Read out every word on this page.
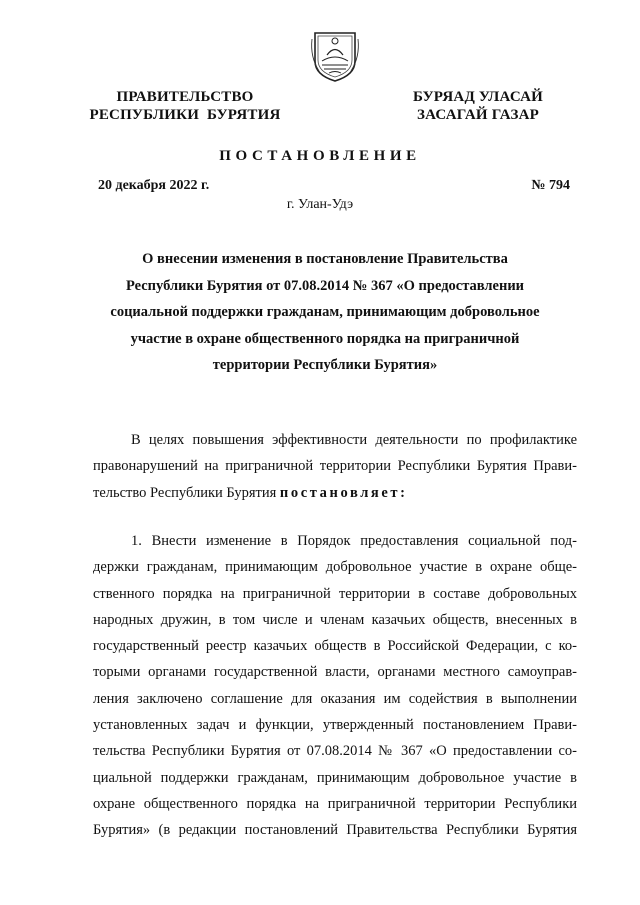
ПРАВИТЕЛЬСТВО
РЕСПУБЛИКИ  БУРЯТИЯ
БУРЯАД УЛАСАЙ
ЗАСАГАЙ ГАЗАР
ПОСТАНОВЛЕНИЕ
20 декабря 2022 г.	№ 794
г. Улан-Удэ
О внесении изменения в постановление Правительства
Республики Бурятия от 07.08.2014 № 367 «О предоставлении
социальной поддержки гражданам, принимающим добровольное
участие в охране общественного порядка на приграничной
территории Республики Бурятия»
В целях повышения эффективности деятельности по профилактике
правонарушений на приграничной территории Республики Бурятия Прави-
тельство Республики Бурятия постановляет:
1. Внести изменение в Порядок предоставления социальной под-
держки гражданам, принимающим добровольное участие в охране обще-
ственного порядка на приграничной территории в составе добровольных
народных дружин, в том числе и членам казачьих обществ, внесенных в
государственный реестр казачьих обществ в Российской Федерации, с ко-
торыми органами государственной власти, органами местного самоуправ-
ления заключено соглашение для оказания им содействия в выполнении
установленных задач и функции, утвержденный постановлением Прави-
тельства Республики Бурятия от 07.08.2014 № 367 «О предоставлении со-
циальной поддержки гражданам, принимающим добровольное участие в
охране общественного порядка на приграничной территории Республики
Бурятия» (в редакции постановлений Правительства Республики Бурятия
